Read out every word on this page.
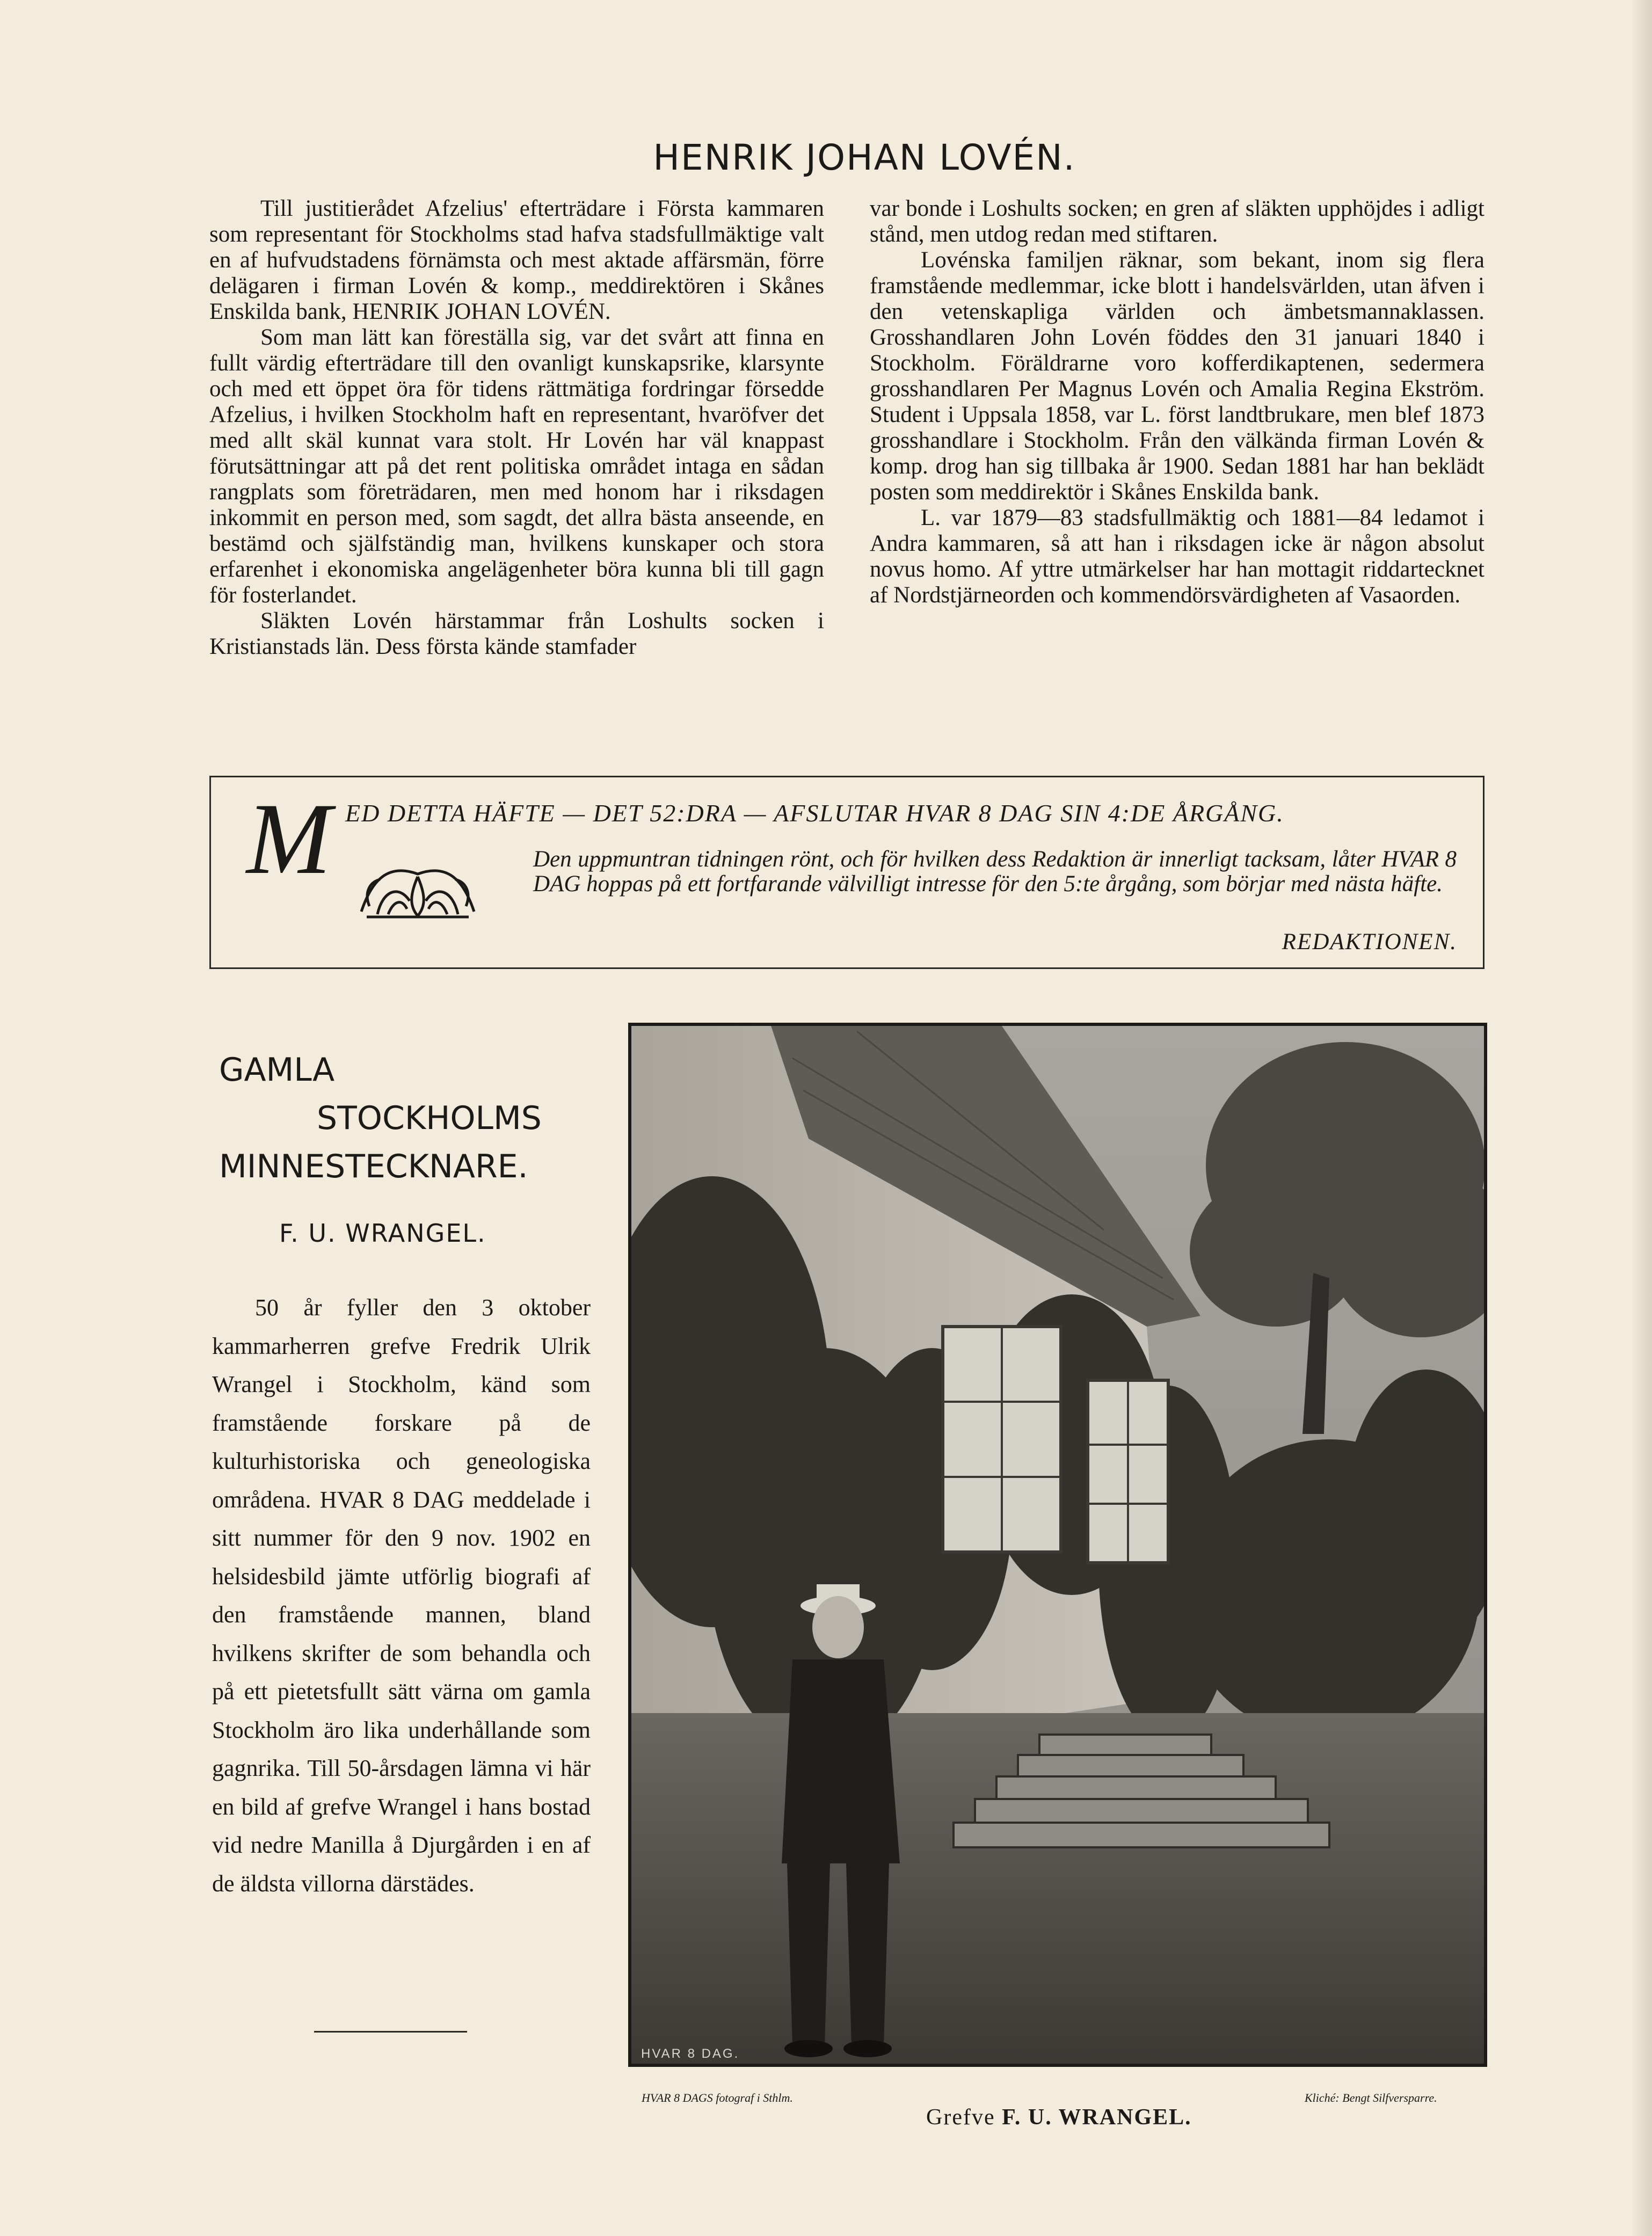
HENRIK JOHAN LOVÉN.

Till justitierådet Afzelius' efterträdare i Första kammaren som representant för Stockholms stad hafva stadsfullmäktige valt en af hufvudstadens förnämsta och mest aktade affärsmän, förre delägaren i firman Lovén & komp., meddirektören i Skånes Enskilda bank, HENRIK JOHAN LOVÉN.

Som man lätt kan föreställa sig, var det svårt att finna en fullt värdig efterträdare till den ovanligt kunskapsrike, klarsynte och med ett öppet öra för tidens rättmätiga fordringar försedde Afzelius, i hvilken Stockholm haft en representant, hvaröfver det med allt skäl kunnat vara stolt. Hr Lovén har väl knappast förutsättningar att på det rent politiska området intaga en sådan rangplats som företrädaren, men med honom har i riksdagen inkommit en person med, som sagdt, det allra bästa anseende, en bestämd och själfständig man, hvilkens kunskaper och stora erfarenhet i ekonomiska angelägenheter böra kunna bli till gagn för fosterlandet.

Släkten Lovén härstammar från Loshults socken i Kristianstads län. Dess första kände stamfader

var bonde i Loshults socken; en gren af släkten upphöjdes i adligt stånd, men utdog redan med stiftaren.

Lovénska familjen räknar, som bekant, inom sig flera framstående medlemmar, icke blott i handelsvärlden, utan äfven i den vetenskapliga världen och ämbetsmannaklassen. Grosshandlaren John Lovén föddes den 31 januari 1840 i Stockholm. Föräldrarne voro kofferdikaptenen, sedermera grosshandlaren Per Magnus Lovén och Amalia Regina Ekström. Student i Uppsala 1858, var L. först landtbrukare, men blef 1873 grosshandlare i Stockholm. Från den välkända firman Lovén & komp. drog han sig tillbaka år 1900. Sedan 1881 har han beklädt posten som meddirektör i Skånes Enskilda bank.

L. var 1879—83 stadsfullmäktig och 1881—84 ledamot i Andra kammaren, så att han i riksdagen icke är någon absolut novus homo. Af yttre utmärkelser har han mottagit riddartecknet af Nordstjärneorden och kommendörsvärdigheten af Vasaorden.

M ED DETTA HÄFTE — DET 52:DRA — AFSLUTAR HVAR 8 DAG SIN 4:DE ÅRGÅNG.
Den uppmuntran tidningen rönt, och för hvilken dess Redaktion är innerligt tacksam, låter HVAR 8 DAG hoppas på ett fortfarande välvilligt intresse för den 5:te årgång, som börjar med nästa häfte.
REDAKTIONEN.
GAMLA
STOCKHOLMS
MINNESTECKNARE.
F. U. WRANGEL.

50 år fyller den 3 oktober kammarherren grefve Fredrik Ulrik Wrangel i Stockholm, känd som framstående forskare på de kulturhistoriska och geneologiska områdena. HVAR 8 DAG meddelade i sitt nummer för den 9 nov. 1902 en helsidesbild jämte utförlig biografi af den framstående mannen, bland hvilkens skrifter de som behandla och på ett pietetsfullt sätt värna om gamla Stockholm äro lika underhållande som gagnrika. Till 50-årsdagen lämna vi här en bild af grefve Wrangel i hans bostad vid nedre Manilla å Djurgården i en af de äldsta villorna därstädes.

HVAR 8 DAG.
HVAR 8 DAGS fotograf i Sthlm.	Kliché: Bengt Silfversparre.
Grefve F. U. WRANGEL.
